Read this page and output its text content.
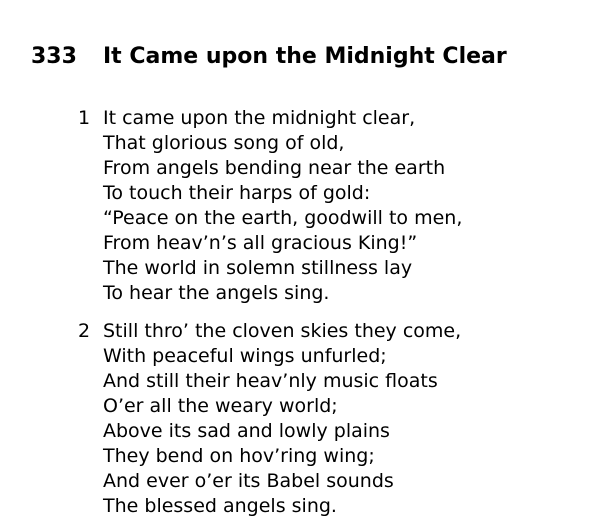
333 It Came upon the Midnight Clear
1 It came upon the midnight clear,
That glorious song of old,
From angels bending near the earth
To touch their harps of gold:
“Peace on the earth, goodwill to men,
From heav’n’s all gracious King!”
The world in solemn stillness lay
To hear the angels sing.
2 Still thro’ the cloven skies they come,
With peaceful wings unfurled;
And still their heav’nly music floats
O’er all the weary world;
Above its sad and lowly plains
They bend on hov’ring wing;
And ever o’er its Babel sounds
The blessed angels sing.
